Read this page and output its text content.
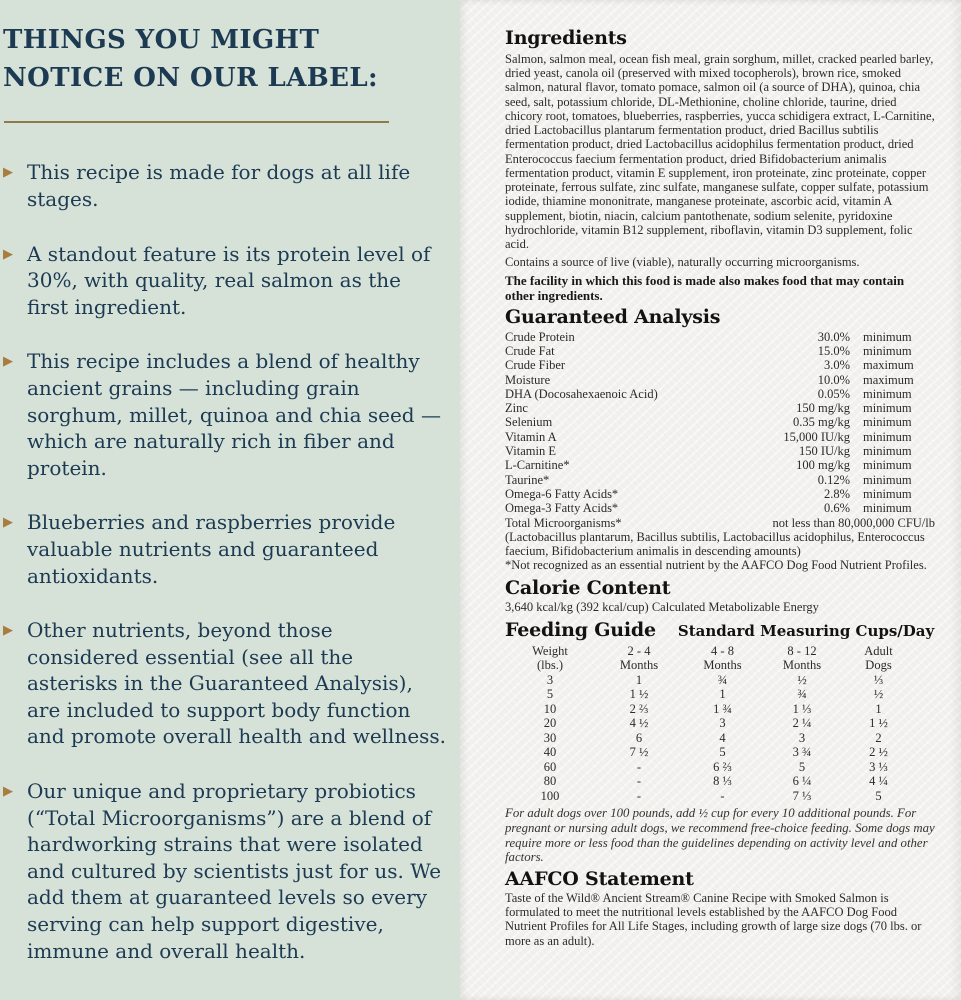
THINGS YOU MIGHT
NOTICE ON OUR LABEL:
▶ This recipe is made for dogs at all life stages.
▶ A standout feature is its protein level of 30%, with quality, real salmon as the first ingredient.
▶ This recipe includes a blend of healthy ancient grains — including grain sorghum, millet, quinoa and chia seed — which are naturally rich in fiber and protein.
▶ Blueberries and raspberries provide valuable nutrients and guaranteed antioxidants.
▶ Other nutrients, beyond those considered essential (see all the asterisks in the Guaranteed Analysis), are included to support body function and promote overall health and wellness.
▶ Our unique and proprietary probiotics (“Total Microorganisms”) are a blend of hardworking strains that were isolated and cultured by scientists just for us. We add them at guaranteed levels so every serving can help support digestive, immune and overall health.
Ingredients

Salmon, salmon meal, ocean fish meal, grain sorghum, millet, cracked pearled barley, dried yeast, canola oil (preserved with mixed tocopherols), brown rice, smoked salmon, natural flavor, tomato pomace, salmon oil (a source of DHA), quinoa, chia seed, salt, potassium chloride, DL-Methionine, choline chloride, taurine, dried chicory root, tomatoes, blueberries, raspberries, yucca schidigera extract, L-Carnitine, dried Lactobacillus plantarum fermentation product, dried Bacillus subtilis fermentation product, dried Lactobacillus acidophilus fermentation product, dried Enterococcus faecium fermentation product, dried Bifidobacterium animalis fermentation product, vitamin E supplement, iron proteinate, zinc proteinate, copper proteinate, ferrous sulfate, zinc sulfate, manganese sulfate, copper sulfate, potassium iodide, thiamine mononitrate, manganese proteinate, ascorbic acid, vitamin A supplement, biotin, niacin, calcium pantothenate, sodium selenite, pyridoxine hydrochloride, vitamin B12 supplement, riboflavin, vitamin D3 supplement, folic acid.

Contains a source of live (viable), naturally occurring microorganisms.

The facility in which this food is made also makes food that may contain other ingredients.

Guaranteed Analysis
Crude Protein	30.0%	minimum
Crude Fat	15.0%	minimum
Crude Fiber	3.0%	maximum
Moisture	10.0%	maximum
DHA (Docosahexaenoic Acid)	0.05%	minimum
Zinc	150 mg/kg	minimum
Selenium	0.35 mg/kg	minimum
Vitamin A	15,000 IU/kg	minimum
Vitamin E	150 IU/kg	minimum
L-Carnitine*	100 mg/kg	minimum
Taurine*	0.12%	minimum
Omega-6 Fatty Acids*	2.8%	minimum
Omega-3 Fatty Acids*	0.6%	minimum
Total Microorganisms*	not less than 80,000,000 CFU/lb

(Lactobacillus plantarum, Bacillus subtilis, Lactobacillus acidophilus, Enterococcus faecium, Bifidobacterium animalis in descending amounts)

*Not recognized as an essential nutrient by the AAFCO Dog Food Nutrient Profiles.

Calorie Content

3,640 kcal/kg (392 kcal/cup) Calculated Metabolizable Energy

Feeding Guide Standard Measuring Cups/Day
Weight	2 - 4	4 - 8	8 - 12	Adult
(lbs.)	Months	Months	Months	Dogs
3	1	¾	½	⅓
5	1 ½	1	¾	½
10	2 ⅔	1 ¾	1 ⅓	1
20	4 ½	3	2 ¼	1 ½
30	6	4	3	2
40	7 ½	5	3 ¾	2 ½
60	-	6 ⅔	5	3 ⅓
80	-	8 ⅓	6 ¼	4 ¼
100	-	-	7 ⅓	5

For adult dogs over 100 pounds, add ½ cup for every 10 additional pounds. For pregnant or nursing adult dogs, we recommend free-choice feeding. Some dogs may require more or less food than the guidelines depending on activity level and other factors.

AAFCO Statement

Taste of the Wild® Ancient Stream® Canine Recipe with Smoked Salmon is formulated to meet the nutritional levels established by the AAFCO Dog Food Nutrient Profiles for All Life Stages, including growth of large size dogs (70 lbs. or more as an adult).
